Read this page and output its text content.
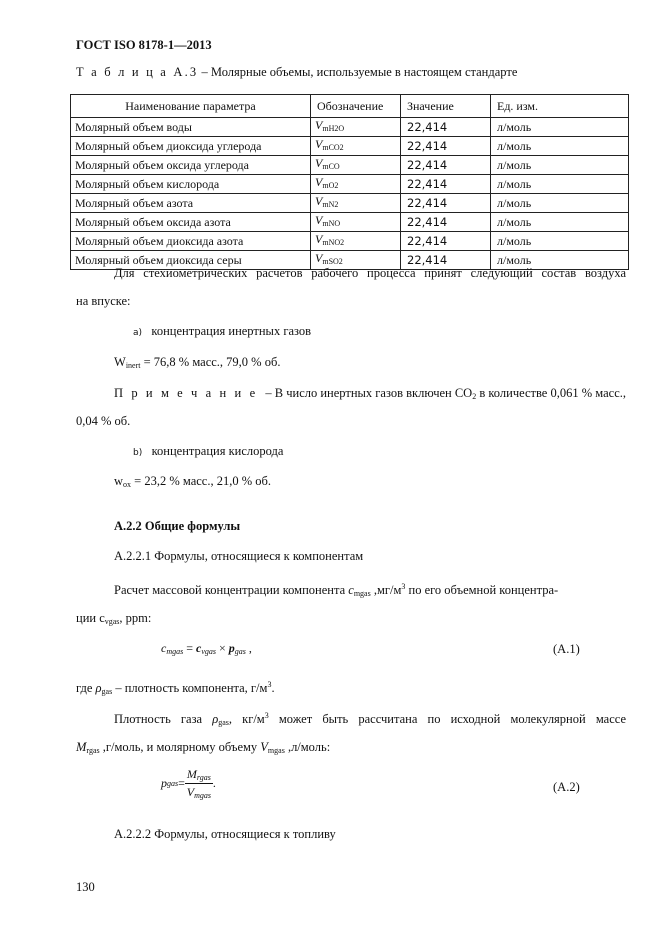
ГОСТ ISO 8178-1—2013
Т а б л и ц а А.3 – Молярные объемы, используемые в настоящем стандарте
Наименование параметра	Обозначение	Значение	Ед. изм.
Молярный объем воды	$V_{mH2O}$	22,414	л/моль
Молярный объем диоксида углерода	$V_{mCO2}$	22,414	л/моль
Молярный объем оксида углерода	$V_{mCO}$	22,414	л/моль
Молярный объем кислорода	$V_{mO2}$	22,414	л/моль
Молярный объем азота	$V_{mN2}$	22,414	л/моль
Молярный объем оксида азота	$V_{mNO}$	22,414	л/моль
Молярный объем диоксида азота	$V_{mNO2}$	22,414	л/моль
Молярный объем диоксида серы	$V_{mSO2}$	22,414	л/моль
Для стехиометрических расчетов рабочего процесса принят следующий состав воздуха
на впуске:
a) концентрация инертных газов
$W_{inert} = 76,8$ % масс., 79,0 % об.
П р и м е ч а н и е – В число инертных газов включен $CO_2$ в количестве 0,061 % масс.,
0,04 % об.
b) концентрация кислорода
$w_{ox} = 23,2$ % масс., 21,0 % об.
А.2.2 Общие формулы
А.2.2.1 Формулы, относящиеся к компонентам
Расчет массовой концентрации компонента $c_{mgas}$ $,мг/м^3$ по его объемной концентра-
ции $c_{vgas}$, ppm:
$c_{mgas} = c_{vgas} \times p_{gas}$ ,	(А.1)
где $\rho_{gas}$ – плотность компонента, $г/м^3$.
Плотность газа $\rho_{gas}$, $кг/м^3$ может быть рассчитана по исходной молекулярной массе
$M_{rgas}$ ,г/моль, и молярному объему $V_{mgas}$ ,л/моль:
p gas = $\frac{M_{rgas}}{V_{mgas}}$ .	(А.2)
А.2.2.2 Формулы, относящиеся к топливу
130
